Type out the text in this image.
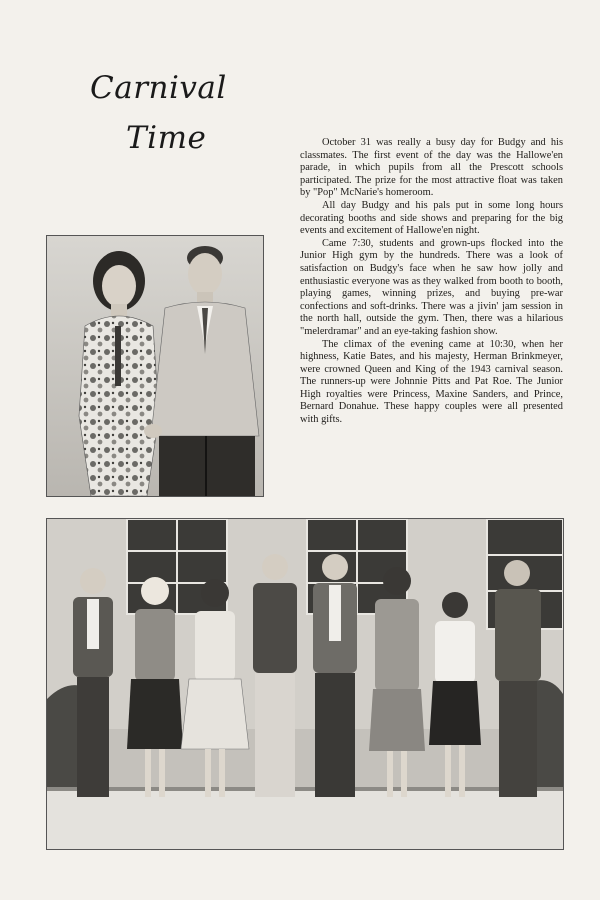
Carnival
Time	October 31 was really a busy day for Budgy and his classmates. The first event of the day was the Hallowe'en parade, in which pupils from all the Prescott schools participated. The prize for the most attractive float was taken by "Pop" McNarie's homeroom.

All day Budgy and his pals put in some long hours decorating booths and side shows and preparing for the big events and excitement of Hallowe'en night.

Came 7:30, students and grown-ups flocked into the Junior High gym by the hundreds. There was a look of satisfaction on Budgy's face when he saw how jolly and enthusiastic everyone was as they walked from booth to booth, playing games, winning prizes, and buying pre-war confections and soft-drinks. There was a jivin' jam session in the north hall, outside the gym. Then, there was a hilarious "melerdramar" and an eye-taking fashion show.

The climax of the evening came at 10:30, when her highness, Katie Bates, and his majesty, Herman Brinkmeyer, were crowned Queen and King of the 1943 carnival season. The runners-up were Johnnie Pitts and Pat Roe. The Junior High royalties were Princess, Maxine Sanders, and Prince, Bernard Donahue. These happy couples were all presented with gifts.
